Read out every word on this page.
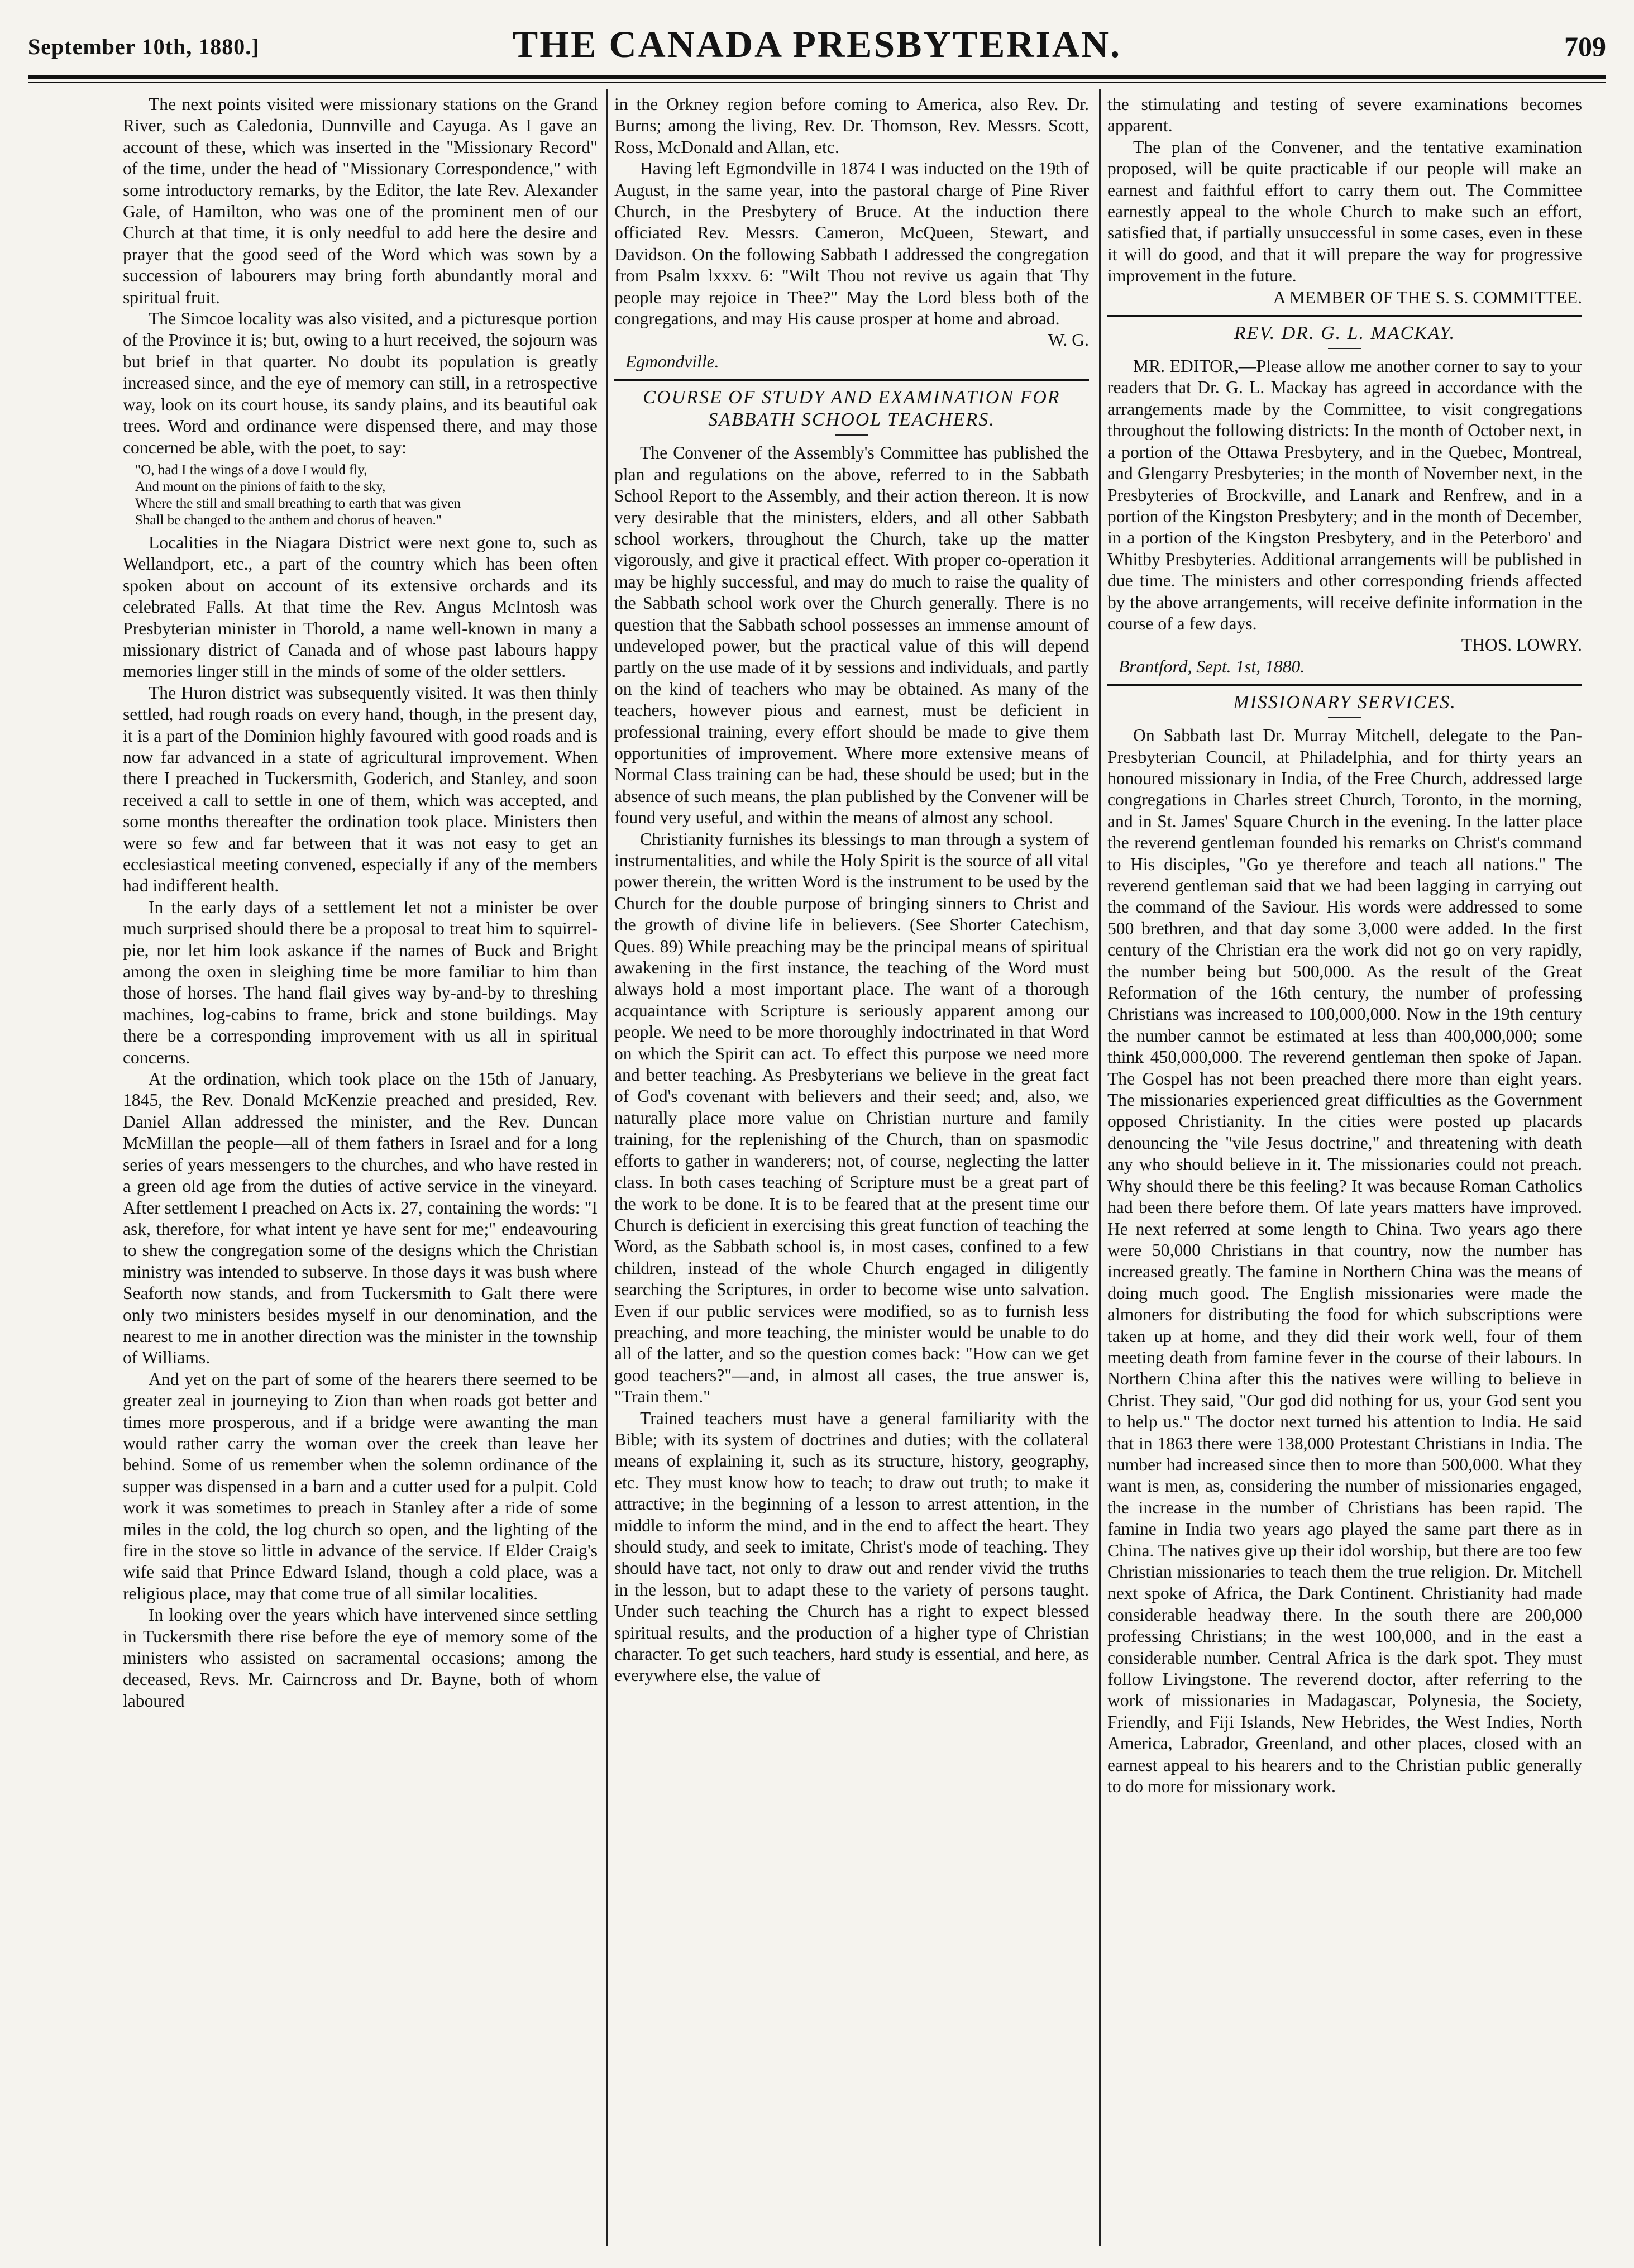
September 10th, 1880.]	THE CANADA PRESBYTERIAN.	709

The next points visited were missionary stations on the Grand River, such as Caledonia, Dunnville and Cayuga. As I gave an account of these, which was inserted in the "Missionary Record" of the time, under the head of "Missionary Correspondence," with some introductory remarks, by the Editor, the late Rev. Alexander Gale, of Hamilton, who was one of the prominent men of our Church at that time, it is only needful to add here the desire and prayer that the good seed of the Word which was sown by a succession of labourers may bring forth abundantly moral and spiritual fruit.

The Simcoe locality was also visited, and a picturesque portion of the Province it is; but, owing to a hurt received, the sojourn was but brief in that quarter. No doubt its population is greatly increased since, and the eye of memory can still, in a retrospective way, look on its court house, its sandy plains, and its beautiful oak trees. Word and ordinance were dispensed there, and may those concerned be able, with the poet, to say:

"O, had I the wings of a dove I would fly,
And mount on the pinions of faith to the sky,
Where the still and small breathing to earth that was given
Shall be changed to the anthem and chorus of heaven."

Localities in the Niagara District were next gone to, such as Wellandport, etc., a part of the country which has been often spoken about on account of its extensive orchards and its celebrated Falls. At that time the Rev. Angus McIntosh was Presbyterian minister in Thorold, a name well-known in many a missionary district of Canada and of whose past labours happy memories linger still in the minds of some of the older settlers.

The Huron district was subsequently visited. It was then thinly settled, had rough roads on every hand, though, in the present day, it is a part of the Dominion highly favoured with good roads and is now far advanced in a state of agricultural improvement. When there I preached in Tuckersmith, Goderich, and Stanley, and soon received a call to settle in one of them, which was accepted, and some months thereafter the ordination took place. Ministers then were so few and far between that it was not easy to get an ecclesiastical meeting convened, especially if any of the members had indifferent health.

In the early days of a settlement let not a minister be over much surprised should there be a proposal to treat him to squirrel-pie, nor let him look askance if the names of Buck and Bright among the oxen in sleighing time be more familiar to him than those of horses. The hand flail gives way by-and-by to threshing machines, log-cabins to frame, brick and stone buildings. May there be a corresponding improvement with us all in spiritual concerns.

At the ordination, which took place on the 15th of January, 1845, the Rev. Donald McKenzie preached and presided, Rev. Daniel Allan addressed the minister, and the Rev. Duncan McMillan the people—all of them fathers in Israel and for a long series of years messengers to the churches, and who have rested in a green old age from the duties of active service in the vineyard. After settlement I preached on Acts ix. 27, containing the words: "I ask, therefore, for what intent ye have sent for me;" endeavouring to shew the congregation some of the designs which the Christian ministry was intended to subserve. In those days it was bush where Seaforth now stands, and from Tuckersmith to Galt there were only two ministers besides myself in our denomination, and the nearest to me in another direction was the minister in the township of Williams.

And yet on the part of some of the hearers there seemed to be greater zeal in journeying to Zion than when roads got better and times more prosperous, and if a bridge were awanting the man would rather carry the woman over the creek than leave her behind. Some of us remember when the solemn ordinance of the supper was dispensed in a barn and a cutter used for a pulpit. Cold work it was sometimes to preach in Stanley after a ride of some miles in the cold, the log church so open, and the lighting of the fire in the stove so little in advance of the service. If Elder Craig's wife said that Prince Edward Island, though a cold place, was a religious place, may that come true of all similar localities.

In looking over the years which have intervened since settling in Tuckersmith there rise before the eye of memory some of the ministers who assisted on sacramental occasions; among the deceased, Revs. Mr. Cairncross and Dr. Bayne, both of whom laboured

in the Orkney region before coming to America, also Rev. Dr. Burns; among the living, Rev. Dr. Thomson, Rev. Messrs. Scott, Ross, McDonald and Allan, etc.

Having left Egmondville in 1874 I was inducted on the 19th of August, in the same year, into the pastoral charge of Pine River Church, in the Presbytery of Bruce. At the induction there officiated Rev. Messrs. Cameron, McQueen, Stewart, and Davidson. On the following Sabbath I addressed the congregation from Psalm lxxxv. 6: "Wilt Thou not revive us again that Thy people may rejoice in Thee?" May the Lord bless both of the congregations, and may His cause prosper at home and abroad.

W. G.

Egmondville.

COURSE OF STUDY AND EXAMINATION FOR SABBATH SCHOOL TEACHERS.

The Convener of the Assembly's Committee has published the plan and regulations on the above, referred to in the Sabbath School Report to the Assembly, and their action thereon. It is now very desirable that the ministers, elders, and all other Sabbath school workers, throughout the Church, take up the matter vigorously, and give it practical effect. With proper co-operation it may be highly successful, and may do much to raise the quality of the Sabbath school work over the Church generally. There is no question that the Sabbath school possesses an immense amount of undeveloped power, but the practical value of this will depend partly on the use made of it by sessions and individuals, and partly on the kind of teachers who may be obtained. As many of the teachers, however pious and earnest, must be deficient in professional training, every effort should be made to give them opportunities of improvement. Where more extensive means of Normal Class training can be had, these should be used; but in the absence of such means, the plan published by the Convener will be found very useful, and within the means of almost any school.

Christianity furnishes its blessings to man through a system of instrumentalities, and while the Holy Spirit is the source of all vital power therein, the written Word is the instrument to be used by the Church for the double purpose of bringing sinners to Christ and the growth of divine life in believers. (See Shorter Catechism, Ques. 89) While preaching may be the principal means of spiritual awakening in the first instance, the teaching of the Word must always hold a most important place. The want of a thorough acquaintance with Scripture is seriously apparent among our people. We need to be more thoroughly indoctrinated in that Word on which the Spirit can act. To effect this purpose we need more and better teaching. As Presbyterians we believe in the great fact of God's covenant with believers and their seed; and, also, we naturally place more value on Christian nurture and family training, for the replenishing of the Church, than on spasmodic efforts to gather in wanderers; not, of course, neglecting the latter class. In both cases teaching of Scripture must be a great part of the work to be done. It is to be feared that at the present time our Church is deficient in exercising this great function of teaching the Word, as the Sabbath school is, in most cases, confined to a few children, instead of the whole Church engaged in diligently searching the Scriptures, in order to become wise unto salvation. Even if our public services were modified, so as to furnish less preaching, and more teaching, the minister would be unable to do all of the latter, and so the question comes back: "How can we get good teachers?"—and, in almost all cases, the true answer is, "Train them."

Trained teachers must have a general familiarity with the Bible; with its system of doctrines and duties; with the collateral means of explaining it, such as its structure, history, geography, etc. They must know how to teach; to draw out truth; to make it attractive; in the beginning of a lesson to arrest attention, in the middle to inform the mind, and in the end to affect the heart. They should study, and seek to imitate, Christ's mode of teaching. They should have tact, not only to draw out and render vivid the truths in the lesson, but to adapt these to the variety of persons taught. Under such teaching the Church has a right to expect blessed spiritual results, and the production of a higher type of Christian character. To get such teachers, hard study is essential, and here, as everywhere else, the value of

the stimulating and testing of severe examinations becomes apparent.

The plan of the Convener, and the tentative examination proposed, will be quite practicable if our people will make an earnest and faithful effort to carry them out. The Committee earnestly appeal to the whole Church to make such an effort, satisfied that, if partially unsuccessful in some cases, even in these it will do good, and that it will prepare the way for progressive improvement in the future.

A MEMBER OF THE S. S. COMMITTEE.

REV. DR. G. L. MACKAY.

MR. EDITOR,—Please allow me another corner to say to your readers that Dr. G. L. Mackay has agreed in accordance with the arrangements made by the Committee, to visit congregations throughout the following districts: In the month of October next, in a portion of the Ottawa Presbytery, and in the Quebec, Montreal, and Glengarry Presbyteries; in the month of November next, in the Presbyteries of Brockville, and Lanark and Renfrew, and in a portion of the Kingston Presbytery; and in the month of December, in a portion of the Kingston Presbytery, and in the Peterboro' and Whitby Presbyteries. Additional arrangements will be published in due time. The ministers and other corresponding friends affected by the above arrangements, will receive definite information in the course of a few days.

THOS. LOWRY.

Brantford, Sept. 1st, 1880.

MISSIONARY SERVICES.

On Sabbath last Dr. Murray Mitchell, delegate to the Pan-Presbyterian Council, at Philadelphia, and for thirty years an honoured missionary in India, of the Free Church, addressed large congregations in Charles street Church, Toronto, in the morning, and in St. James' Square Church in the evening. In the latter place the reverend gentleman founded his remarks on Christ's command to His disciples, "Go ye therefore and teach all nations." The reverend gentleman said that we had been lagging in carrying out the command of the Saviour. His words were addressed to some 500 brethren, and that day some 3,000 were added. In the first century of the Christian era the work did not go on very rapidly, the number being but 500,000. As the result of the Great Reformation of the 16th century, the number of professing Christians was increased to 100,000,000. Now in the 19th century the number cannot be estimated at less than 400,000,000; some think 450,000,000. The reverend gentleman then spoke of Japan. The Gospel has not been preached there more than eight years. The missionaries experienced great difficulties as the Government opposed Christianity. In the cities were posted up placards denouncing the "vile Jesus doctrine," and threatening with death any who should believe in it. The missionaries could not preach. Why should there be this feeling? It was because Roman Catholics had been there before them. Of late years matters have improved. He next referred at some length to China. Two years ago there were 50,000 Christians in that country, now the number has increased greatly. The famine in Northern China was the means of doing much good. The English missionaries were made the almoners for distributing the food for which subscriptions were taken up at home, and they did their work well, four of them meeting death from famine fever in the course of their labours. In Northern China after this the natives were willing to believe in Christ. They said, "Our god did nothing for us, your God sent you to help us." The doctor next turned his attention to India. He said that in 1863 there were 138,000 Protestant Christians in India. The number had increased since then to more than 500,000. What they want is men, as, considering the number of missionaries engaged, the increase in the number of Christians has been rapid. The famine in India two years ago played the same part there as in China. The natives give up their idol worship, but there are too few Christian missionaries to teach them the true religion. Dr. Mitchell next spoke of Africa, the Dark Continent. Christianity had made considerable headway there. In the south there are 200,000 professing Christians; in the west 100,000, and in the east a considerable number. Central Africa is the dark spot. They must follow Livingstone. The reverend doctor, after referring to the work of missionaries in Madagascar, Polynesia, the Society, Friendly, and Fiji Islands, New Hebrides, the West Indies, North America, Labrador, Greenland, and other places, closed with an earnest appeal to his hearers and to the Christian public generally to do more for missionary work.
